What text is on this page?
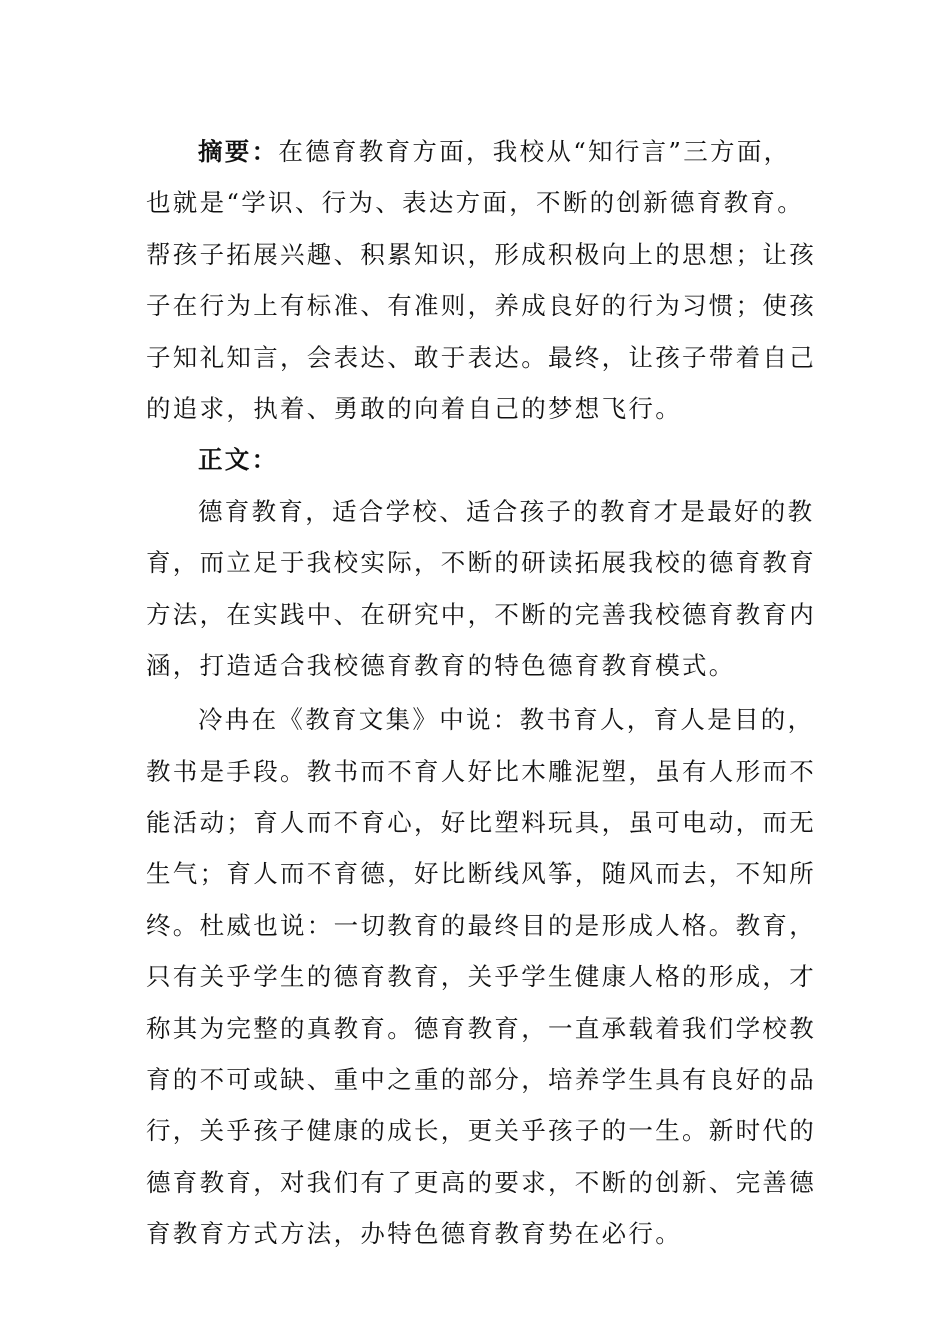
摘要：在德育教育方面，我校从“知行言”三方面，
也就是“学识、行为、表达方面，不断的创新德育教育。
帮孩子拓展兴趣、积累知识，形成积极向上的思想；让孩
子在行为上有标准、有准则，养成良好的行为习惯；使孩
子知礼知言，会表达、敢于表达。最终，让孩子带着自己
的追求，执着、勇敢的向着自己的梦想飞行。
正文：
德育教育，适合学校、适合孩子的教育才是最好的教
育，而立足于我校实际，不断的研读拓展我校的德育教育
方法，在实践中、在研究中，不断的完善我校德育教育内
涵，打造适合我校德育教育的特色德育教育模式。
冷冉在《教育文集》中说：教书育人，育人是目的，
教书是手段。教书而不育人好比木雕泥塑，虽有人形而不
能活动；育人而不育心，好比塑料玩具，虽可电动，而无
生气；育人而不育德，好比断线风筝，随风而去，不知所
终。杜威也说：一切教育的最终目的是形成人格。教育，
只有关乎学生的德育教育，关乎学生健康人格的形成，才
称其为完整的真教育。德育教育，一直承载着我们学校教
育的不可或缺、重中之重的部分，培养学生具有良好的品
行，关乎孩子健康的成长，更关乎孩子的一生。新时代的
德育教育，对我们有了更高的要求，不断的创新、完善德
育教育方式方法，办特色德育教育势在必行。
